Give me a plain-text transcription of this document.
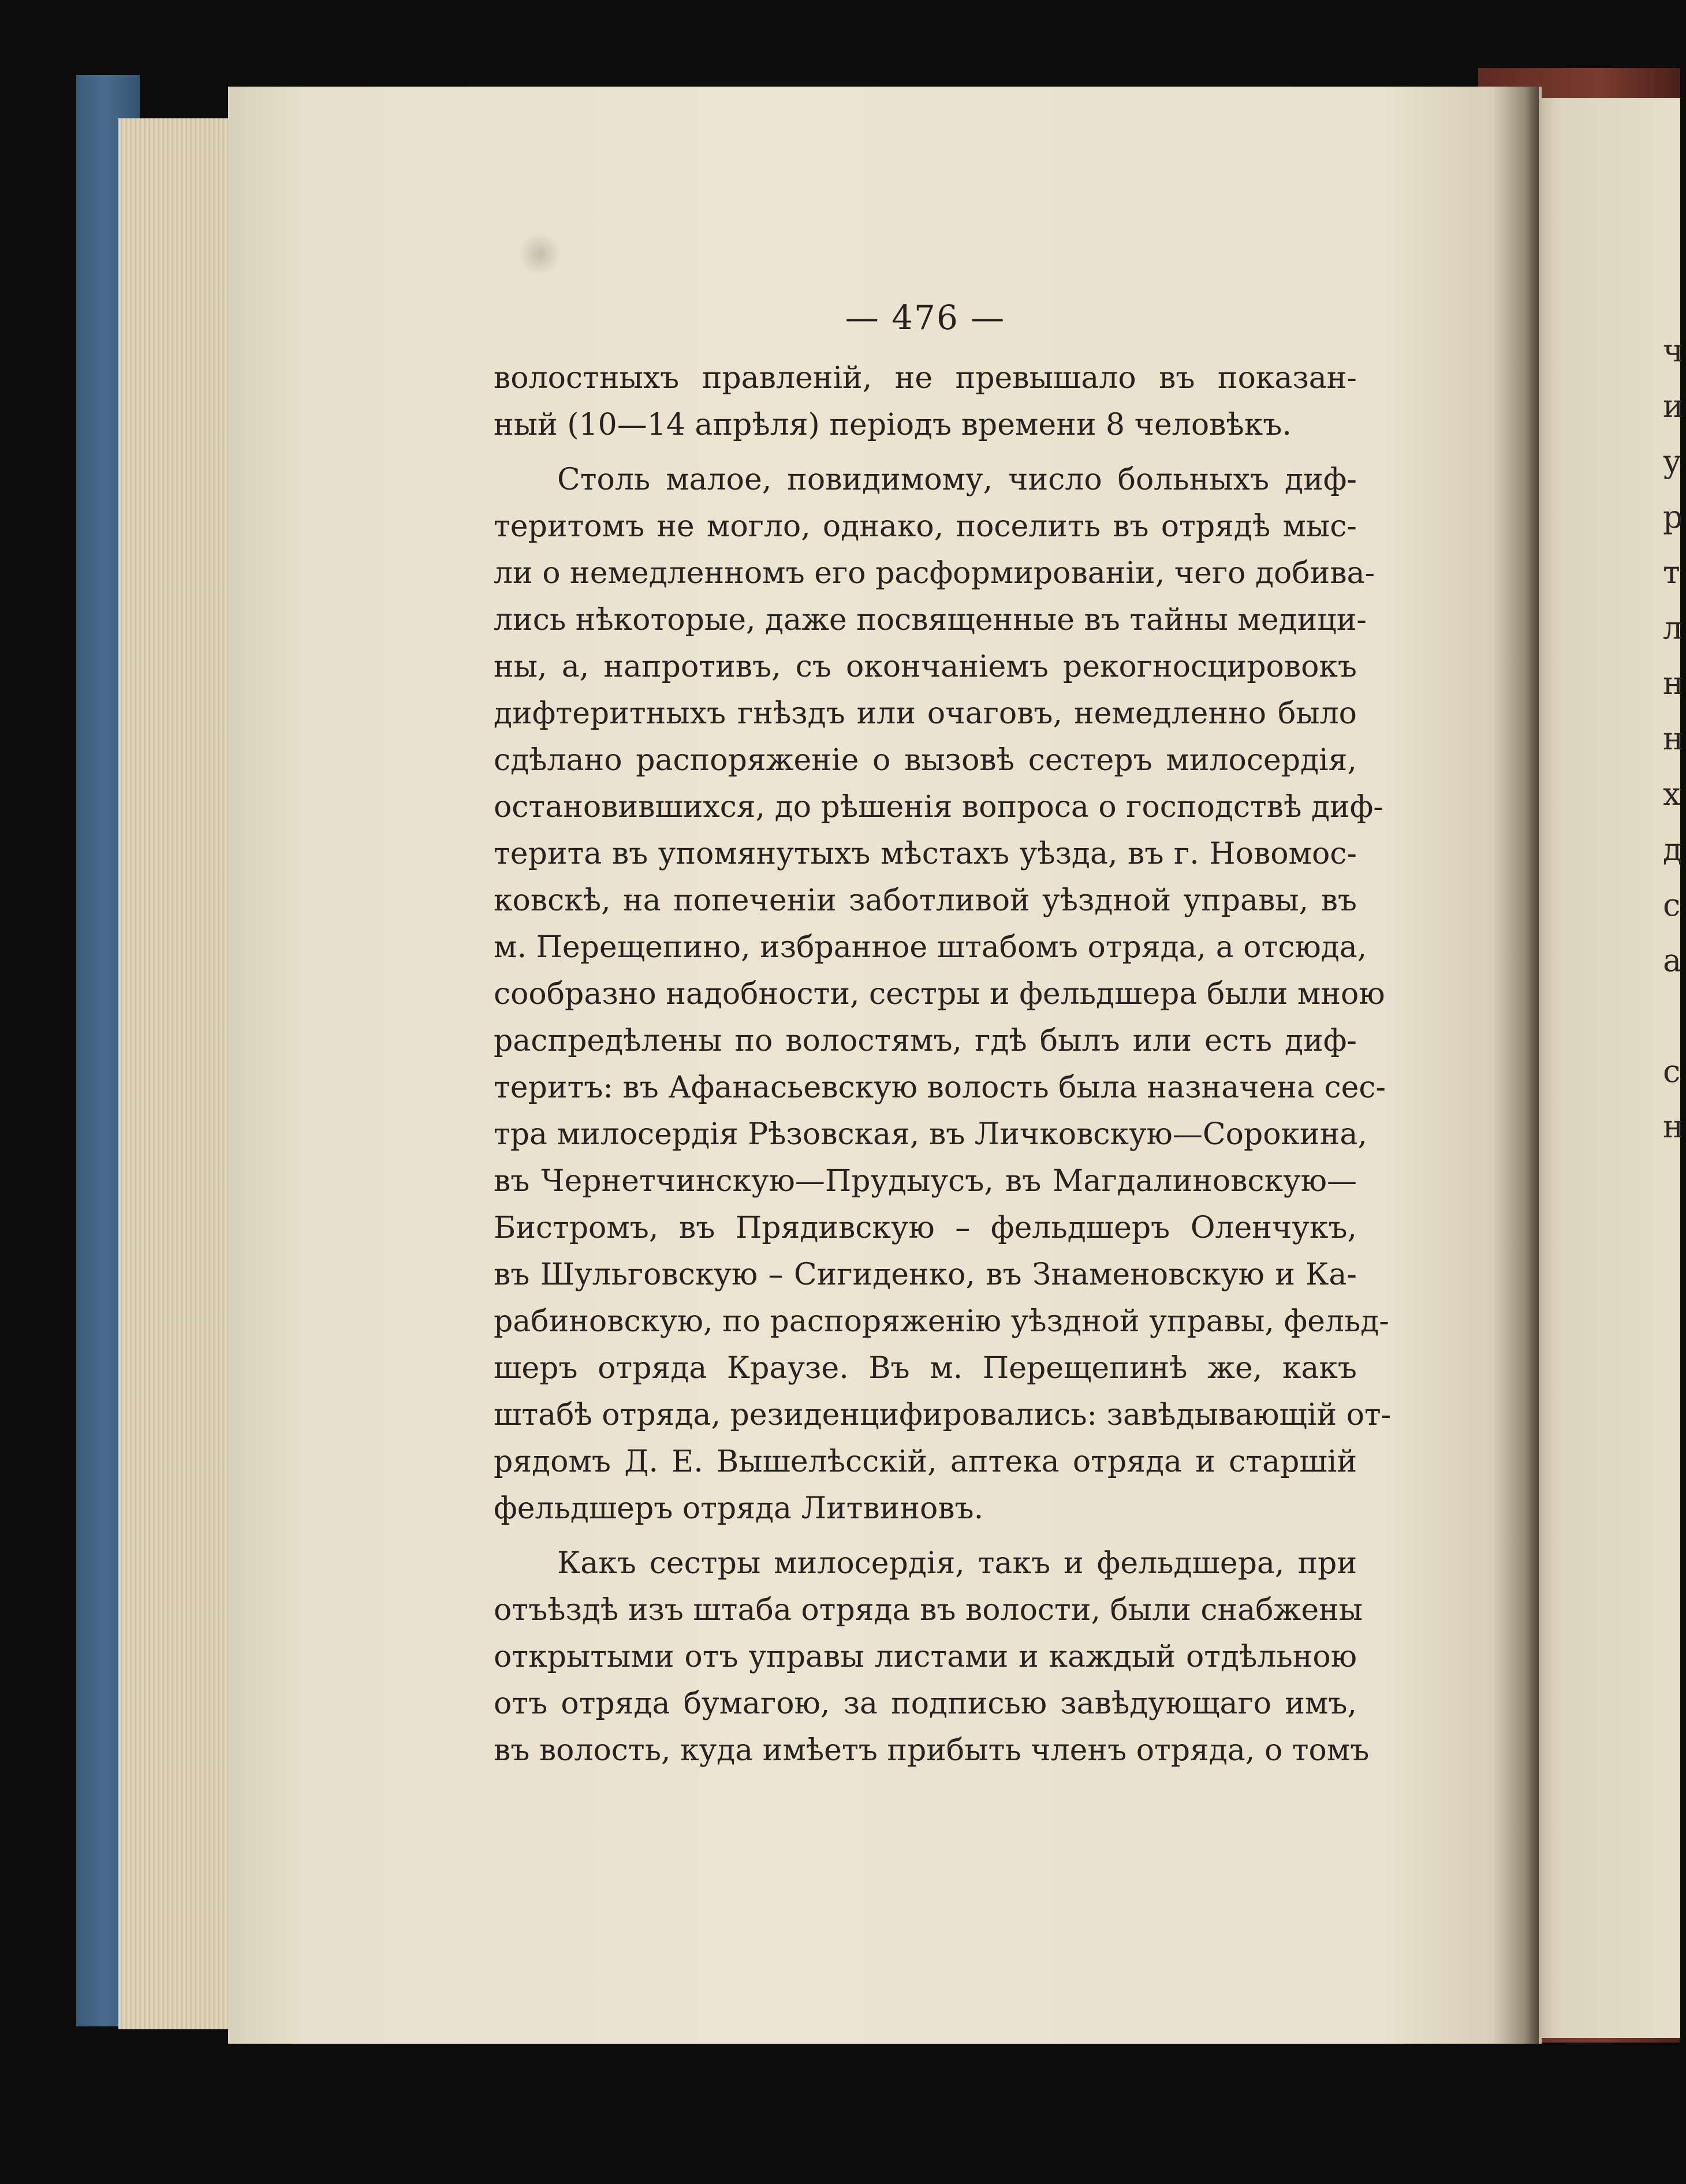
ч
и
у
р
т
л
н
н
х
д
с
а
с
н
— 476 —
волостныхъ правленій, не превышало въ показан-
ный (10—14 апрѣля) періодъ времени 8 человѣкъ.
Столь малое, повидимому, число больныхъ диф-
теритомъ не могло, однако, поселить въ отрядѣ мыс-
ли о немедленномъ его расформированіи, чего добива-
лись нѣкоторые, даже посвященные въ тайны медици-
ны, а, напротивъ, съ окончаніемъ рекогносцировокъ
дифтеритныхъ гнѣздъ или очаговъ, немедленно было
сдѣлано распоряженіе о вызовѣ сестеръ милосердія,
остановившихся, до рѣшенія вопроса о господствѣ диф-
терита въ упомянутыхъ мѣстахъ уѣзда, въ г. Новомос-
ковскѣ, на попеченіи заботливой уѣздной управы, въ
м. Перещепино, избранное штабомъ отряда, а отсюда,
сообразно надобности, сестры и фельдшера были мною
распредѣлены по волостямъ, гдѣ былъ или есть диф-
теритъ: въ Афанасьевскую волость была назначена сес-
тра милосердія Рѣзовская, въ Личковскую—Сорокина,
въ Чернетчинскую—Прудыусъ, въ Магдалиновскую—
Бистромъ, въ Прядивскую – фельдшеръ Оленчукъ,
въ Шульговскую – Сигиденко, въ Знаменовскую и Ка-
рабиновскую, по распоряженію уѣздной управы, фельд-
шеръ отряда Краузе. Въ м. Перещепинѣ же, какъ
штабѣ отряда, резиденцифировались: завѣдывающій от-
рядомъ Д. Е. Вышелѣсскій, аптека отряда и старшій
фельдшеръ отряда Литвиновъ.
Какъ сестры милосердія, такъ и фельдшера, при
отъѣздѣ изъ штаба отряда въ волости, были снабжены
открытыми отъ управы листами и каждый отдѣльною
отъ отряда бумагою, за подписью завѣдующаго имъ,
въ волость, куда имѣетъ прибыть членъ отряда, о томъ
